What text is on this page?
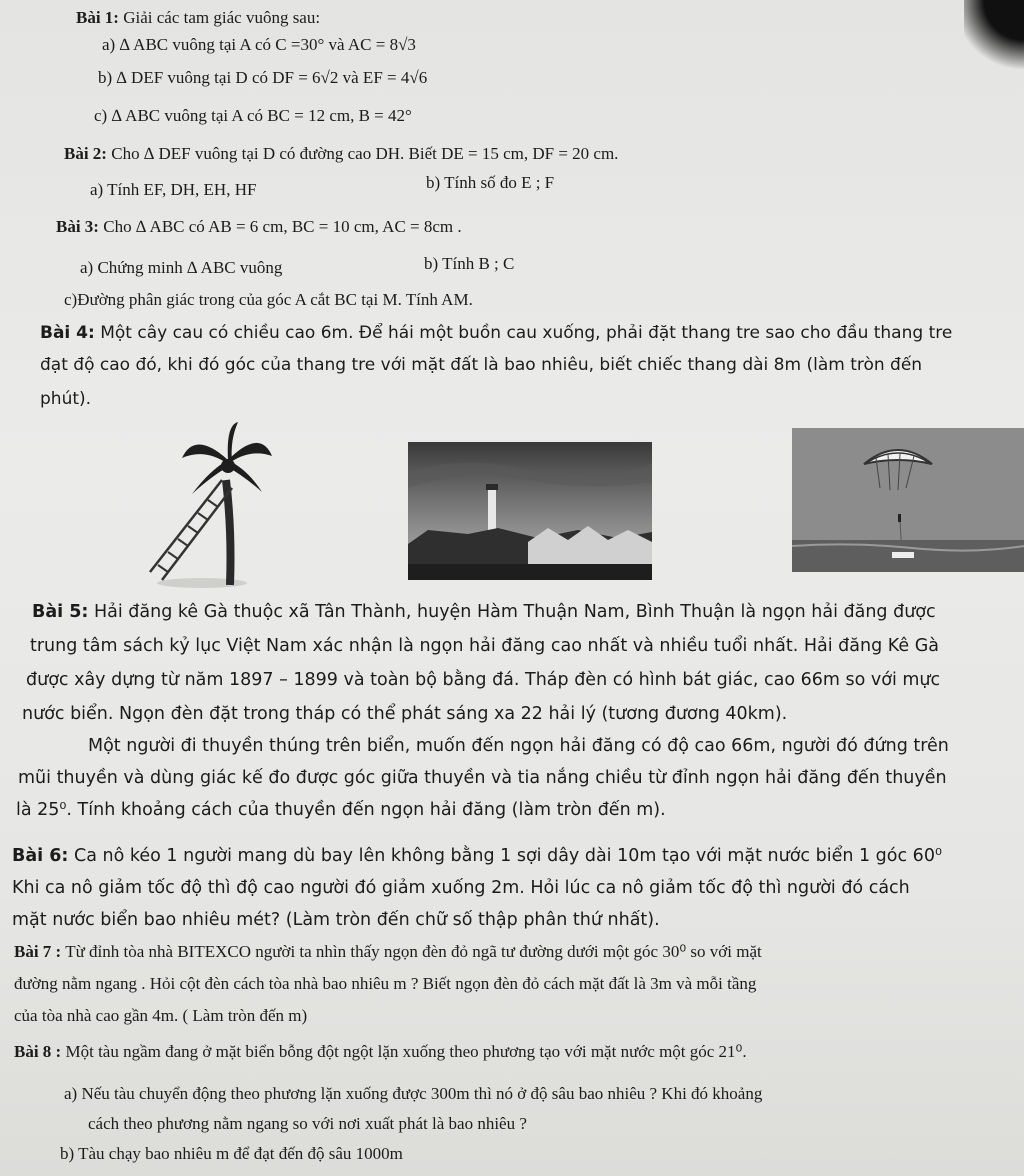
Bài 1: Giải các tam giác vuông sau:
a) ∆ ABC vuông tại A có C =30° và AC = 8√3
b) ∆ DEF vuông tại D có DF = 6√2 và EF = 4√6
c) ∆ ABC vuông tại A có BC = 12 cm, B = 42°
Bài 2: Cho ∆ DEF vuông tại D có đường cao DH. Biết DE = 15 cm, DF = 20 cm.
a) Tính EF, DH, EH, HF	b) Tính số đo E ; F
Bài 3: Cho ∆ ABC có AB = 6 cm, BC = 10 cm, AC = 8cm .
a) Chứng minh ∆ ABC vuông	b) Tính B ; C
c)Đường phân giác trong của góc A cắt BC tại M. Tính AM.
Bài 4: Một cây cau có chiều cao 6m. Để hái một buồn cau xuống, phải đặt thang tre sao cho đầu thang tre
đạt độ cao đó, khi đó góc của thang tre với mặt đất là bao nhiêu, biết chiếc thang dài 8m (làm tròn đến
phút).
Bài 5: Hải đăng kê Gà thuộc xã Tân Thành, huyện Hàm Thuận Nam, Bình Thuận là ngọn hải đăng được
trung tâm sách kỷ lục Việt Nam xác nhận là ngọn hải đăng cao nhất và nhiều tuổi nhất. Hải đăng Kê Gà
được xây dựng từ năm 1897 – 1899 và toàn bộ bằng đá. Tháp đèn có hình bát giác, cao 66m so với mực
nước biển. Ngọn đèn đặt trong tháp có thể phát sáng xa 22 hải lý (tương đương 40km).
Một người đi thuyền thúng trên biển, muốn đến ngọn hải đăng có độ cao 66m, người đó đứng trên
mũi thuyền và dùng giác kế đo được góc giữa thuyền và tia nắng chiều từ đỉnh ngọn hải đăng đến thuyền
là 25⁰. Tính khoảng cách của thuyền đến ngọn hải đăng (làm tròn đến m).
Bài 6: Ca nô kéo 1 người mang dù bay lên không bằng 1 sợi dây dài 10m tạo với mặt nước biển 1 góc 60⁰
Khi ca nô giảm tốc độ thì độ cao người đó giảm xuống 2m. Hỏi lúc ca nô giảm tốc độ thì người đó cách
mặt nước biển bao nhiêu mét? (Làm tròn đến chữ số thập phân thứ nhất).
Bài 7 : Từ đỉnh tòa nhà BITEXCO người ta nhìn thấy ngọn đèn đỏ ngã tư đường dưới một góc 30⁰ so với mặt
đường nằm ngang . Hỏi cột đèn cách tòa nhà bao nhiêu m ? Biết ngọn đèn đỏ cách mặt đất là 3m và mỗi tầng
của tòa nhà cao gần 4m. ( Làm tròn đến m)
Bài 8 : Một tàu ngầm đang ở mặt biển bỗng đột ngột lặn xuống theo phương tạo với mặt nước một góc 21⁰.
a) Nếu tàu chuyển động theo phương lặn xuống được 300m thì nó ở độ sâu bao nhiêu ? Khi đó khoảng
cách theo phương nằm ngang so với nơi xuất phát là bao nhiêu ?
b) Tàu chạy bao nhiêu m để đạt đến độ sâu 1000m
